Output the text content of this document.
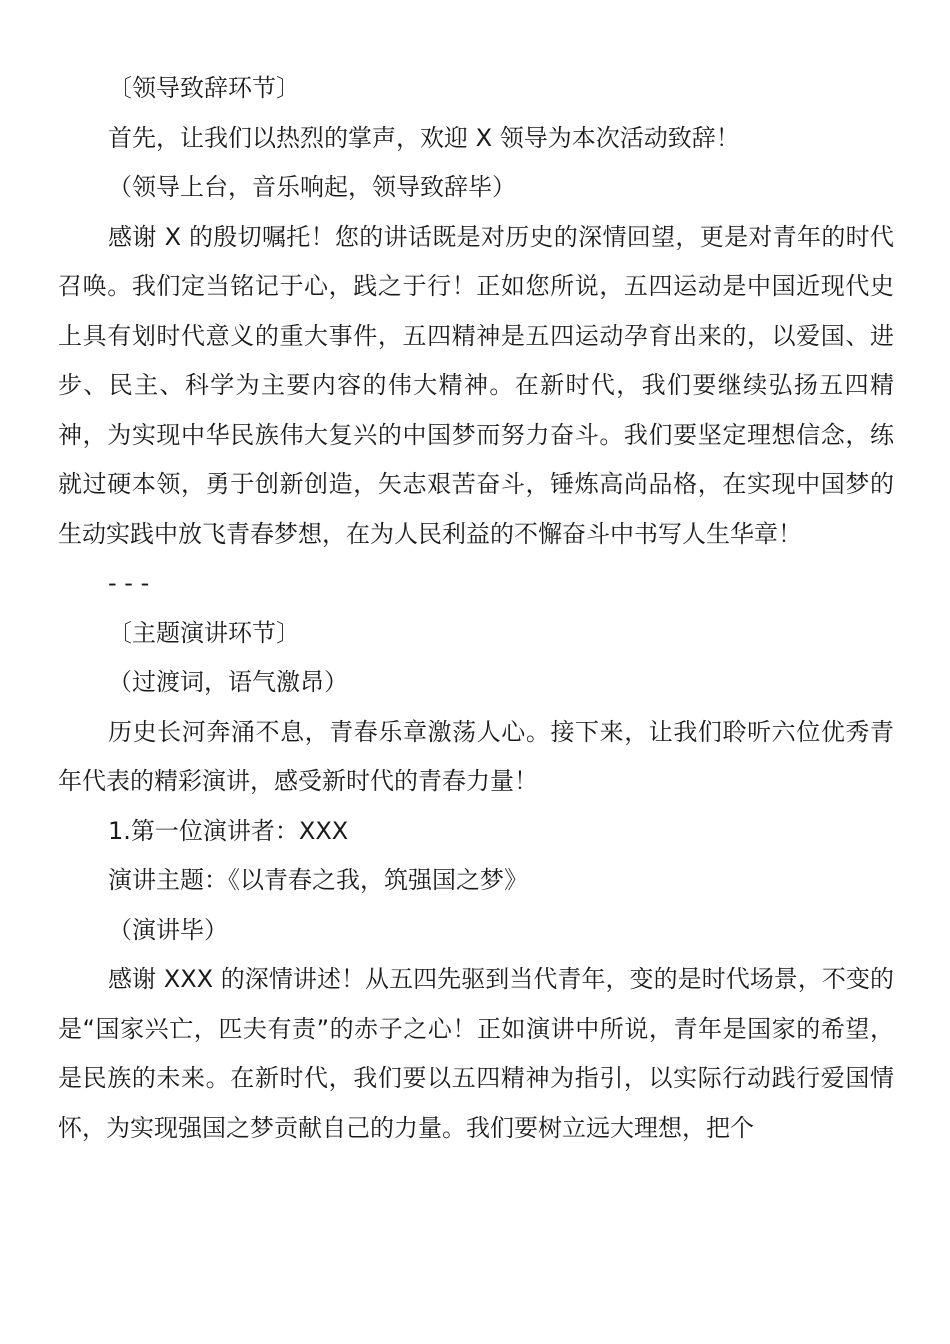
〔领导致辞环节〕

首先，让我们以热烈的掌声，欢迎 X 领导为本次活动致辞！

（领导上台，音乐响起，领导致辞毕）

感谢 X 的殷切嘱托！您的讲话既是对历史的深情回望，更是对青年的时代召唤。我们定当铭记于心，践之于行！正如您所说，五四运动是中国近现代史上具有划时代意义的重大事件，五四精神是五四运动孕育出来的，以爱国、进步、民主、科学为主要内容的伟大精神。在新时代，我们要继续弘扬五四精神，为实现中华民族伟大复兴的中国梦而努力奋斗。我们要坚定理想信念，练就过硬本领，勇于创新创造，矢志艰苦奋斗，锤炼高尚品格，在实现中国梦的生动实践中放飞青春梦想，在为人民利益的不懈奋斗中书写人生华章！

- - -

〔主题演讲环节〕

（过渡词，语气激昂）

历史长河奔涌不息，青春乐章激荡人心。接下来，让我们聆听六位优秀青年代表的精彩演讲，感受新时代的青春力量！

1.第一位演讲者：XXX

演讲主题：《以青春之我，筑强国之梦》

（演讲毕）

感谢 XXX 的深情讲述！从五四先驱到当代青年，变的是时代场景，不变的是“国家兴亡，匹夫有责”的赤子之心！正如演讲中所说，青年是国家的希望，是民族的未来。在新时代，我们要以五四精神为指引，以实际行动践行爱国情怀，为实现强国之梦贡献自己的力量。我们要树立远大理想，把个
